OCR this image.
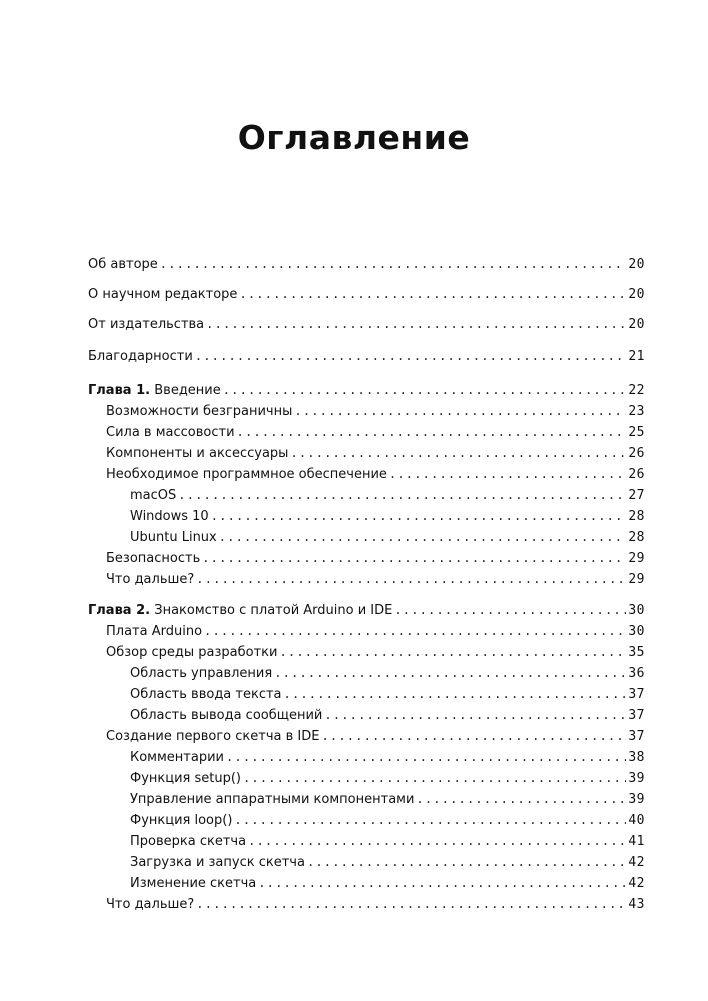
Оглавление
Об авторе .....	20
О научном редакторе .....	20
От издательства .....	20
Благодарности .....	21
Глава 1. Введение .....	22
Возможности безграничны .....	23
Сила в массовости .....	25
Компоненты и аксессуары .....	26
Необходимое программное обеспечение .....	26
macOS .....	27
Windows 10 .....	28
Ubuntu Linux .....	28
Безопасность .....	29
Что дальше? .....	29
Глава 2. Знакомство с платой Arduino и IDE .....	30
Плата Arduino .....	30
Обзор среды разработки .....	35
Область управления .....	36
Область ввода текста .....	37
Область вывода сообщений .....	37
Создание первого скетча в IDE .....	37
Комментарии .....	38
Функция setup() .....	39
Управление аппаратными компонентами .....	39
Функция loop() .....	40
Проверка скетча .....	41
Загрузка и запуск скетча .....	42
Изменение скетча .....	42
Что дальше? .....	43
